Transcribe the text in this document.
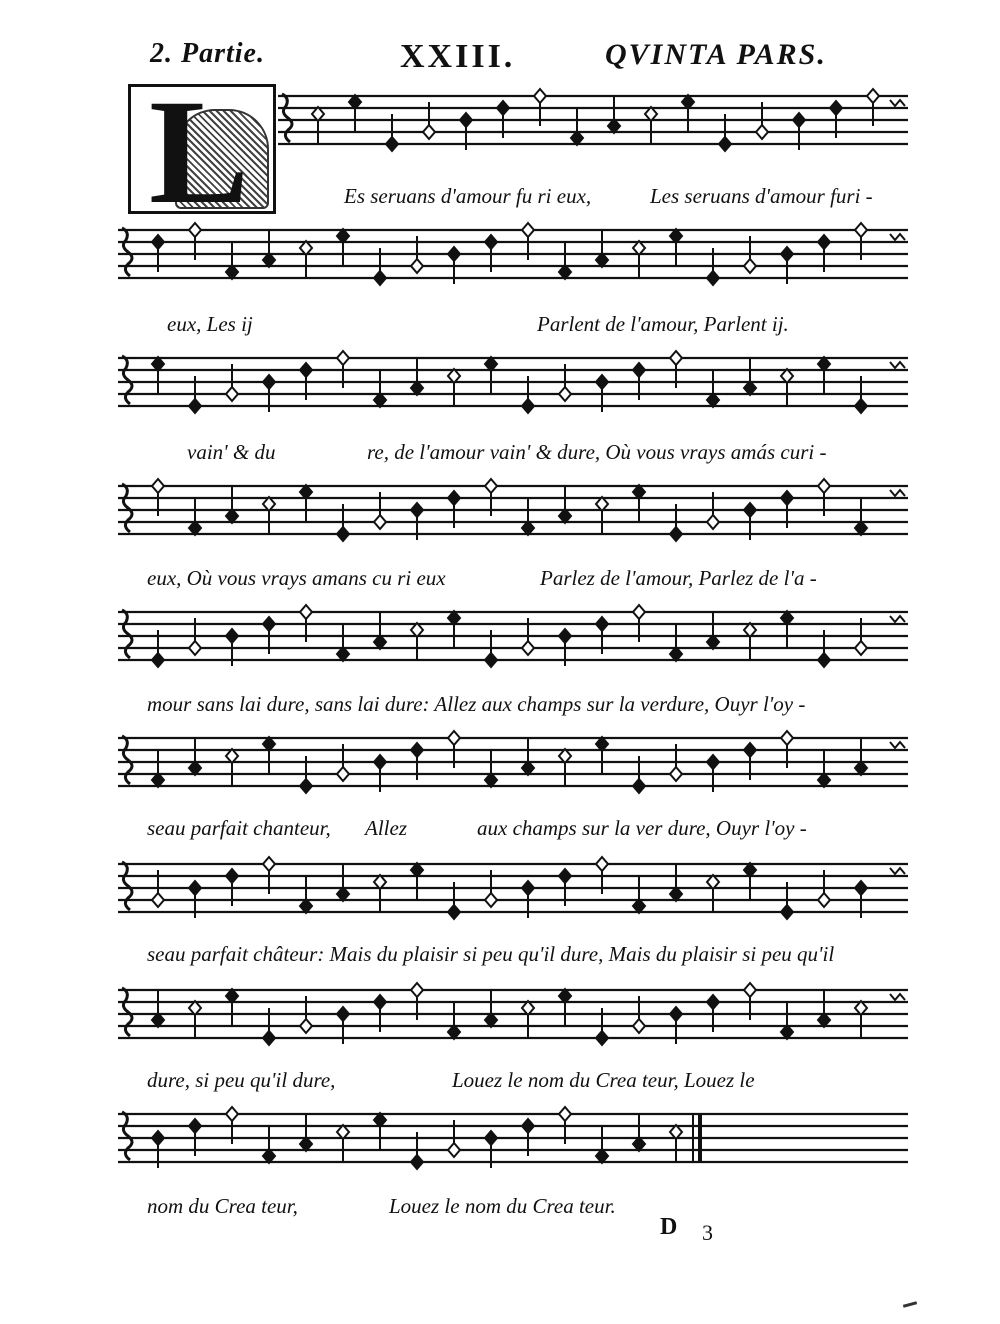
2. Partie.	XXIII.	QVINTA PARS.
L	Es seruans d'amour fu ri eux,	Les seruans d'amour furi -
eux, Les ij	Parlent de l'amour, Parlent ij.
vain' & du	re, de l'amour vain' & dure, Où vous vrays amás curi -
eux, Où vous vrays amans cu ri eux	Parlez de l'amour, Parlez de l'a -
mour sans lai dure, sans lai dure: Allez aux champs sur la verdure, Ouyr l'oy -
seau parfait chanteur, Allez	aux champs sur la ver dure, Ouyr l'oy -
seau parfait châteur: Mais du plaisir si peu qu'il dure, Mais du plaisir si peu qu'il
dure, si peu qu'il dure,	Louez le nom du Crea teur, Louez le
nom du Crea teur,	Louez le nom du Crea teur.
D 3
